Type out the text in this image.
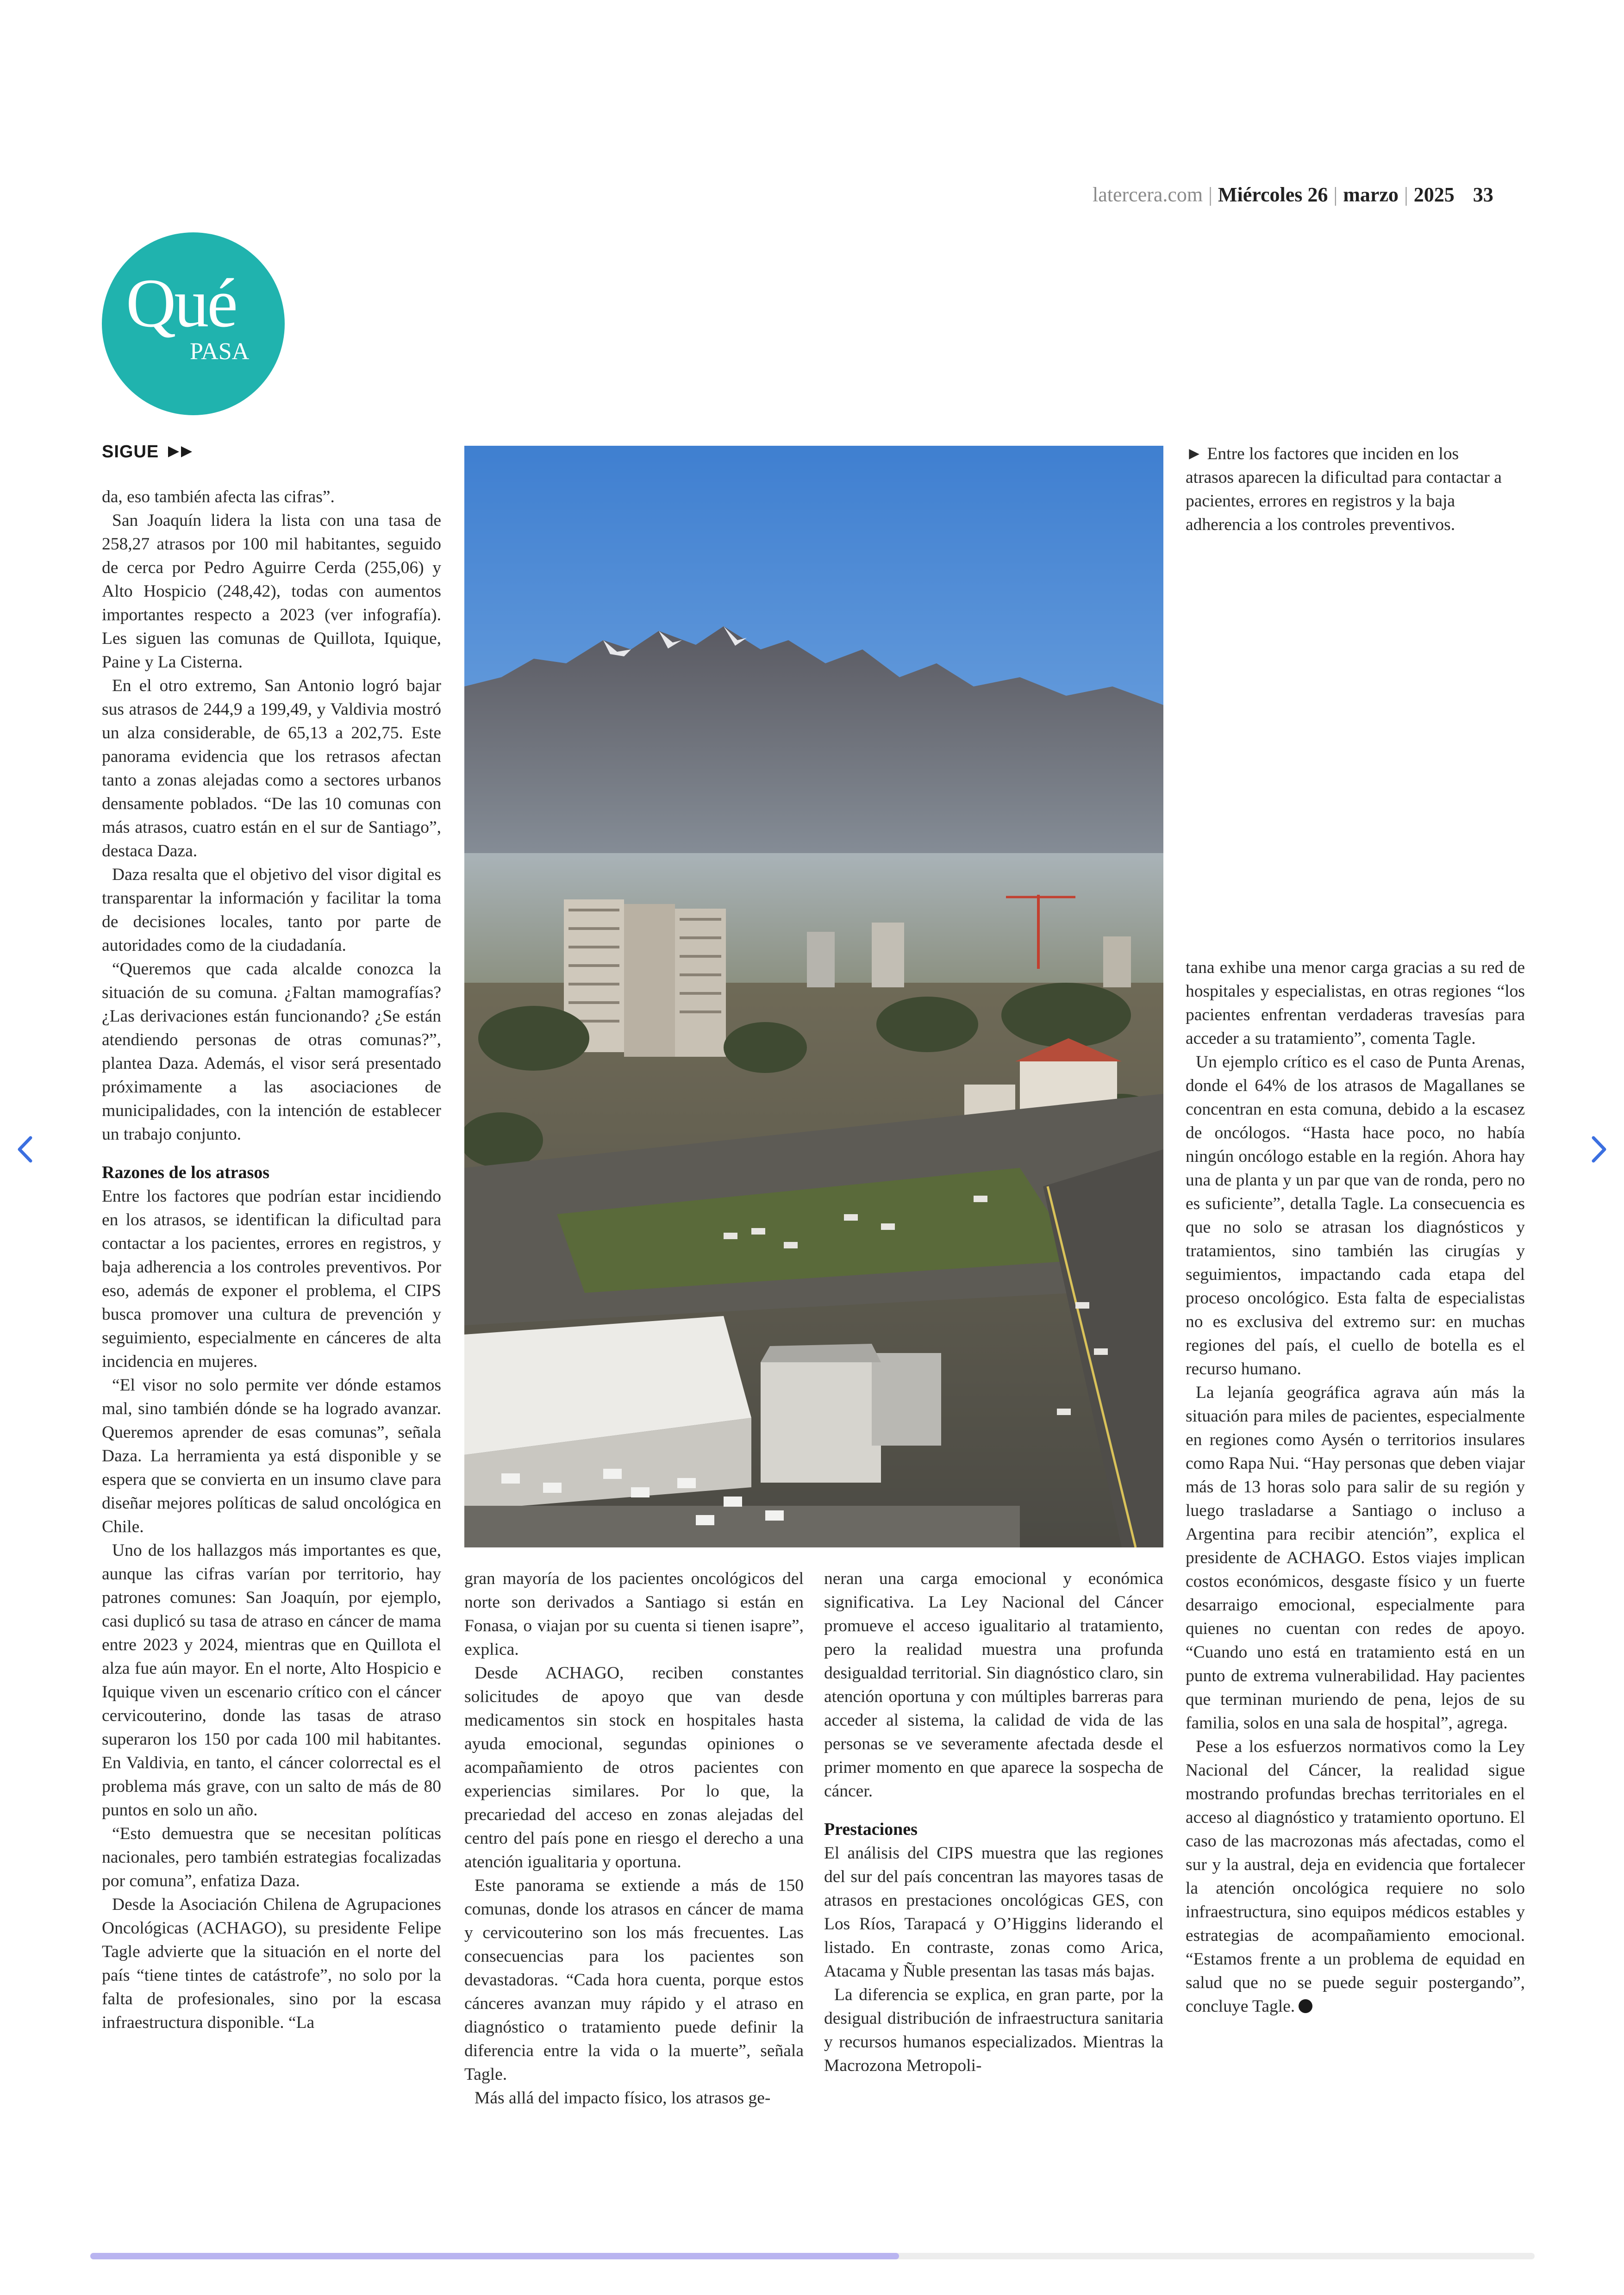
latercera.com | Miércoles 26 | marzo | 2025 33
Qué
PASA
SIGUE

da, eso también afecta las cifras”.

San Joaquín lidera la lista con una tasa de 258,27 atrasos por 100 mil habitantes, seguido de cerca por Pedro Aguirre Cerda (255,06) y Alto Hospicio (248,42), todas con aumentos importantes respecto a 2023 (ver infografía). Les siguen las comunas de Quillota, Iquique, Paine y La Cisterna.

En el otro extremo, San Antonio logró bajar sus atrasos de 244,9 a 199,49, y Valdivia mostró un alza considerable, de 65,13 a 202,75. Este panorama evidencia que los retrasos afectan tanto a zonas alejadas como a sectores urbanos densamente poblados. “De las 10 comunas con más atrasos, cuatro están en el sur de Santiago”, destaca Daza.

Daza resalta que el objetivo del visor digital es transparentar la información y facilitar la toma de decisiones locales, tanto por parte de autoridades como de la ciudadanía.

“Queremos que cada alcalde conozca la situación de su comuna. ¿Faltan mamografías? ¿Las derivaciones están funcionando? ¿Se están atendiendo personas de otras comunas?”, plantea Daza. Además, el visor será presentado próximamente a las asociaciones de municipalidades, con la intención de establecer un trabajo conjunto.

Razones de los atrasos

Entre los factores que podrían estar incidiendo en los atrasos, se identifican la dificultad para contactar a los pacientes, errores en registros, y baja adherencia a los controles preventivos. Por eso, además de exponer el problema, el CIPS busca promover una cultura de prevención y seguimiento, especialmente en cánceres de alta incidencia en mujeres.

“El visor no solo permite ver dónde estamos mal, sino también dónde se ha logrado avanzar. Queremos aprender de esas comunas”, señala Daza. La herramienta ya está disponible y se espera que se convierta en un insumo clave para diseñar mejores políticas de salud oncológica en Chile.

Uno de los hallazgos más importantes es que, aunque las cifras varían por territorio, hay patrones comunes: San Joaquín, por ejemplo, casi duplicó su tasa de atraso en cáncer de mama entre 2023 y 2024, mientras que en Quillota el alza fue aún mayor. En el norte, Alto Hospicio e Iquique viven un escenario crítico con el cáncer cervicouterino, donde las tasas de atraso superaron los 150 por cada 100 mil habitantes. En Valdivia, en tanto, el cáncer colorrectal es el problema más grave, con un salto de más de 80 puntos en solo un año.

“Esto demuestra que se necesitan políticas nacionales, pero también estrategias focalizadas por comuna”, enfatiza Daza.

Desde la Asociación Chilena de Agrupaciones Oncológicas (ACHAGO), su presidente Felipe Tagle advierte que la situación en el norte del país “tiene tintes de catástrofe”, no solo por la falta de profesionales, sino por la escasa infraestructura disponible. “La

► Entre los factores que inciden en los atrasos aparecen la dificultad para contactar a pacientes, errores en registros y la baja adherencia a los controles preventivos.

gran mayoría de los pacientes oncológicos del norte son derivados a Santiago si están en Fonasa, o viajan por su cuenta si tienen isapre”, explica.

Desde ACHAGO, reciben constantes solicitudes de apoyo que van desde medicamentos sin stock en hospitales hasta ayuda emocional, segundas opiniones o acompañamiento de otros pacientes con experiencias similares. Por lo que, la precariedad del acceso en zonas alejadas del centro del país pone en riesgo el derecho a una atención igualitaria y oportuna.

Este panorama se extiende a más de 150 comunas, donde los atrasos en cáncer de mama y cervicouterino son los más frecuentes. Las consecuencias para los pacientes son devastadoras. “Cada hora cuenta, porque estos cánceres avanzan muy rápido y el atraso en diagnóstico o tratamiento puede definir la diferencia entre la vida o la muerte”, señala Tagle.

Más allá del impacto físico, los atrasos ge-

neran una carga emocional y económica significativa. La Ley Nacional del Cáncer promueve el acceso igualitario al tratamiento, pero la realidad muestra una profunda desigualdad territorial. Sin diagnóstico claro, sin atención oportuna y con múltiples barreras para acceder al sistema, la calidad de vida de las personas se ve severamente afectada desde el primer momento en que aparece la sospecha de cáncer.

Prestaciones

El análisis del CIPS muestra que las regiones del sur del país concentran las mayores tasas de atrasos en prestaciones oncológicas GES, con Los Ríos, Tarapacá y O’Higgins liderando el listado. En contraste, zonas como Arica, Atacama y Ñuble presentan las tasas más bajas.

La diferencia se explica, en gran parte, por la desigual distribución de infraestructura sanitaria y recursos humanos especializados. Mientras la Macrozona Metropoli-

tana exhibe una menor carga gracias a su red de hospitales y especialistas, en otras regiones “los pacientes enfrentan verdaderas travesías para acceder a su tratamiento”, comenta Tagle.

Un ejemplo crítico es el caso de Punta Arenas, donde el 64% de los atrasos de Magallanes se concentran en esta comuna, debido a la escasez de oncólogos. “Hasta hace poco, no había ningún oncólogo estable en la región. Ahora hay una de planta y un par que van de ronda, pero no es suficiente”, detalla Tagle. La consecuencia es que no solo se atrasan los diagnósticos y tratamientos, sino también las cirugías y seguimientos, impactando cada etapa del proceso oncológico. Esta falta de especialistas no es exclusiva del extremo sur: en muchas regiones del país, el cuello de botella es el recurso humano.

La lejanía geográfica agrava aún más la situación para miles de pacientes, especialmente en regiones como Aysén o territorios insulares como Rapa Nui. “Hay personas que deben viajar más de 13 horas solo para salir de su región y luego trasladarse a Santiago o incluso a Argentina para recibir atención”, explica el presidente de ACHAGO. Estos viajes implican costos económicos, desgaste físico y un fuerte desarraigo emocional, especialmente para quienes no cuentan con redes de apoyo. “Cuando uno está en tratamiento está en un punto de extrema vulnerabilidad. Hay pacientes que terminan muriendo de pena, lejos de su familia, solos en una sala de hospital”, agrega.

Pese a los esfuerzos normativos como la Ley Nacional del Cáncer, la realidad sigue mostrando profundas brechas territoriales en el acceso al diagnóstico y tratamiento oportuno. El caso de las macrozonas más afectadas, como el sur y la austral, deja en evidencia que fortalecer la atención oncológica requiere no solo infraestructura, sino equipos médicos estables y estrategias de acompañamiento emocional. “Estamos frente a un problema de equidad en salud que no se puede seguir postergando”, concluye Tagle.
